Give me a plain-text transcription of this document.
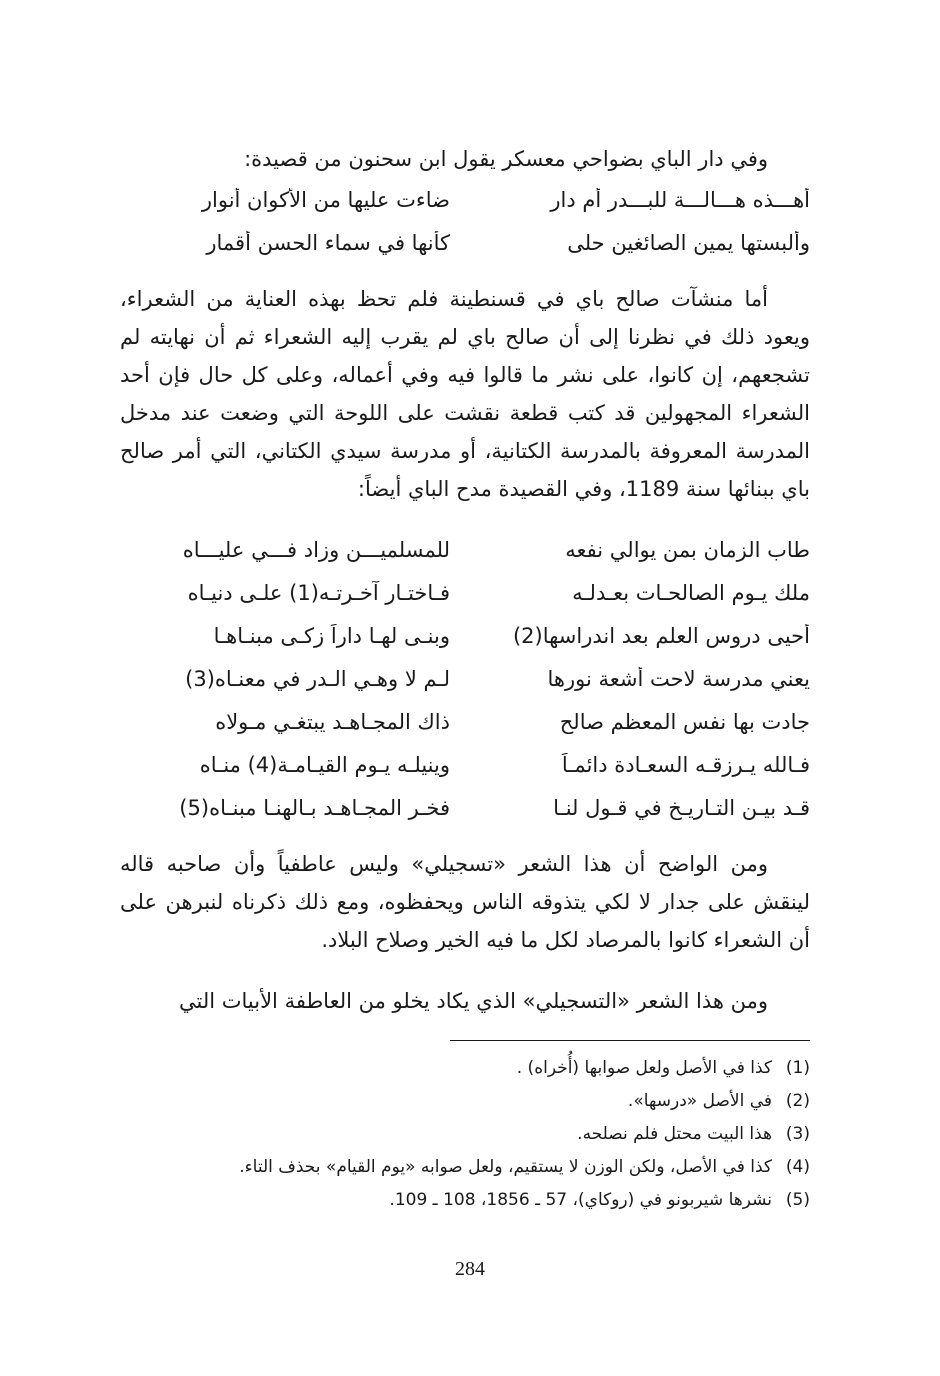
وفي دار الباي بضواحي معسكر يقول ابن سحنون من قصيدة:

أهـــذه هـــالـــة للبـــدر أم دار
ضاءت عليها من الأكوان أنوار
وألبستها يمين الصائغين حلى
كأنها في سماء الحسن أقمار

أما منشآت صالح باي في قسنطينة فلم تحظ بهذه العناية من الشعراء، ويعود ذلك في نظرنا إلى أن صالح باي لم يقرب إليه الشعراء ثم أن نهايته لم تشجعهم، إن كانوا، على نشر ما قالوا فيه وفي أعماله، وعلى كل حال فإن أحد الشعراء المجهولين قد كتب قطعة نقشت على اللوحة التي وضعت عند مدخل المدرسة المعروفة بالمدرسة الكتانية، أو مدرسة سيدي الكتاني، التي أمر صالح باي ببنائها سنة 1189، وفي القصيدة مدح الباي أيضاً:

طاب الزمان بمن يوالي نفعه
للمسلميـــن وزاد فـــي عليـــاه
ملك يـوم الصالحـات بعـدلـه
فـاختـار آخـرتـه(1) علـى دنيـاه
أحيى دروس العلم بعد اندراسها(2)
وبنـى لهـا داراً زكـى مبنـاهـا
يعني مدرسة لاحت أشعة نورها
لـم لا وهـي الـدر في معنـاه(3)
جادت بها نفس المعظم صالح
ذاك المجـاهـد يبتغـي مـولاه
فـالله يـرزقـه السعـادة دائمـاً
وينيلـه يـوم القيـامـة(4) منـاه
قـد بيـن التـاريـخ في قـول لنـا
فخـر المجـاهـد بـالهنـا مبنـاه(5)

ومن الواضح أن هذا الشعر «تسجيلي» وليس عاطفياً وأن صاحبه قاله لينقش على جدار لا لكي يتذوقه الناس ويحفظوه، ومع ذلك ذكرناه لنبرهن على أن الشعراء كانوا بالمرصاد لكل ما فيه الخير وصلاح البلاد.

ومن هذا الشعر «التسجيلي» الذي يكاد يخلو من العاطفة الأبيات التي

(1)
كذا في الأصل ولعل صوابها (أُخراه) .
(2)
في الأصل «درسها».
(3)
هذا البيت محتل فلم نصلحه.
(4)
كذا في الأصل، ولكن الوزن لا يستقيم، ولعل صوابه «يوم القيام» بحذف التاء.
(5)
نشرها شيربونو في (روكاي)، 57 ـ 1856، 108 ـ 109.
284
